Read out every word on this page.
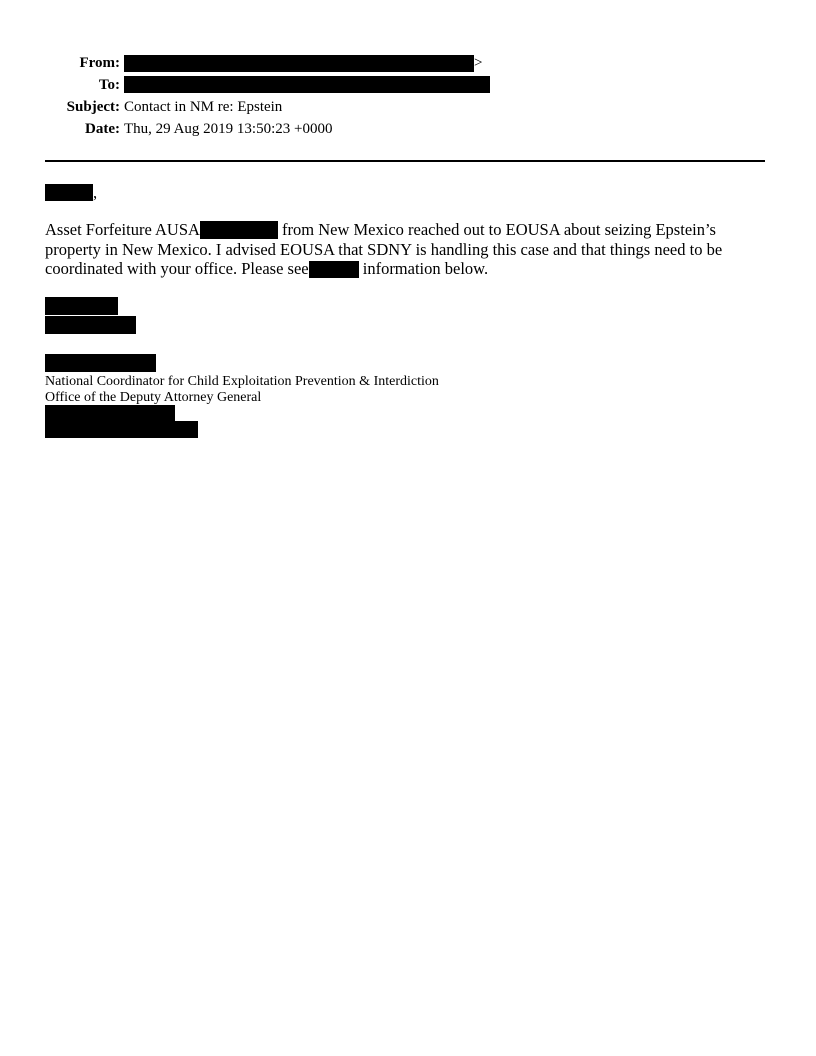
From:	>
To:
Subject: Contact in NM re: Epstein
Date: Thu, 29 Aug 2019 13:50:23 +0000
,
Asset Forfeiture AUSA	from New Mexico reached out to EOUSA about seizing Epstein’s
property in New Mexico. I advised EOUSA that SDNY is handling this case and that things need to be
coordinated with your office. Please see	information below.
National Coordinator for Child Exploitation Prevention & Interdiction
Office of the Deputy Attorney General
